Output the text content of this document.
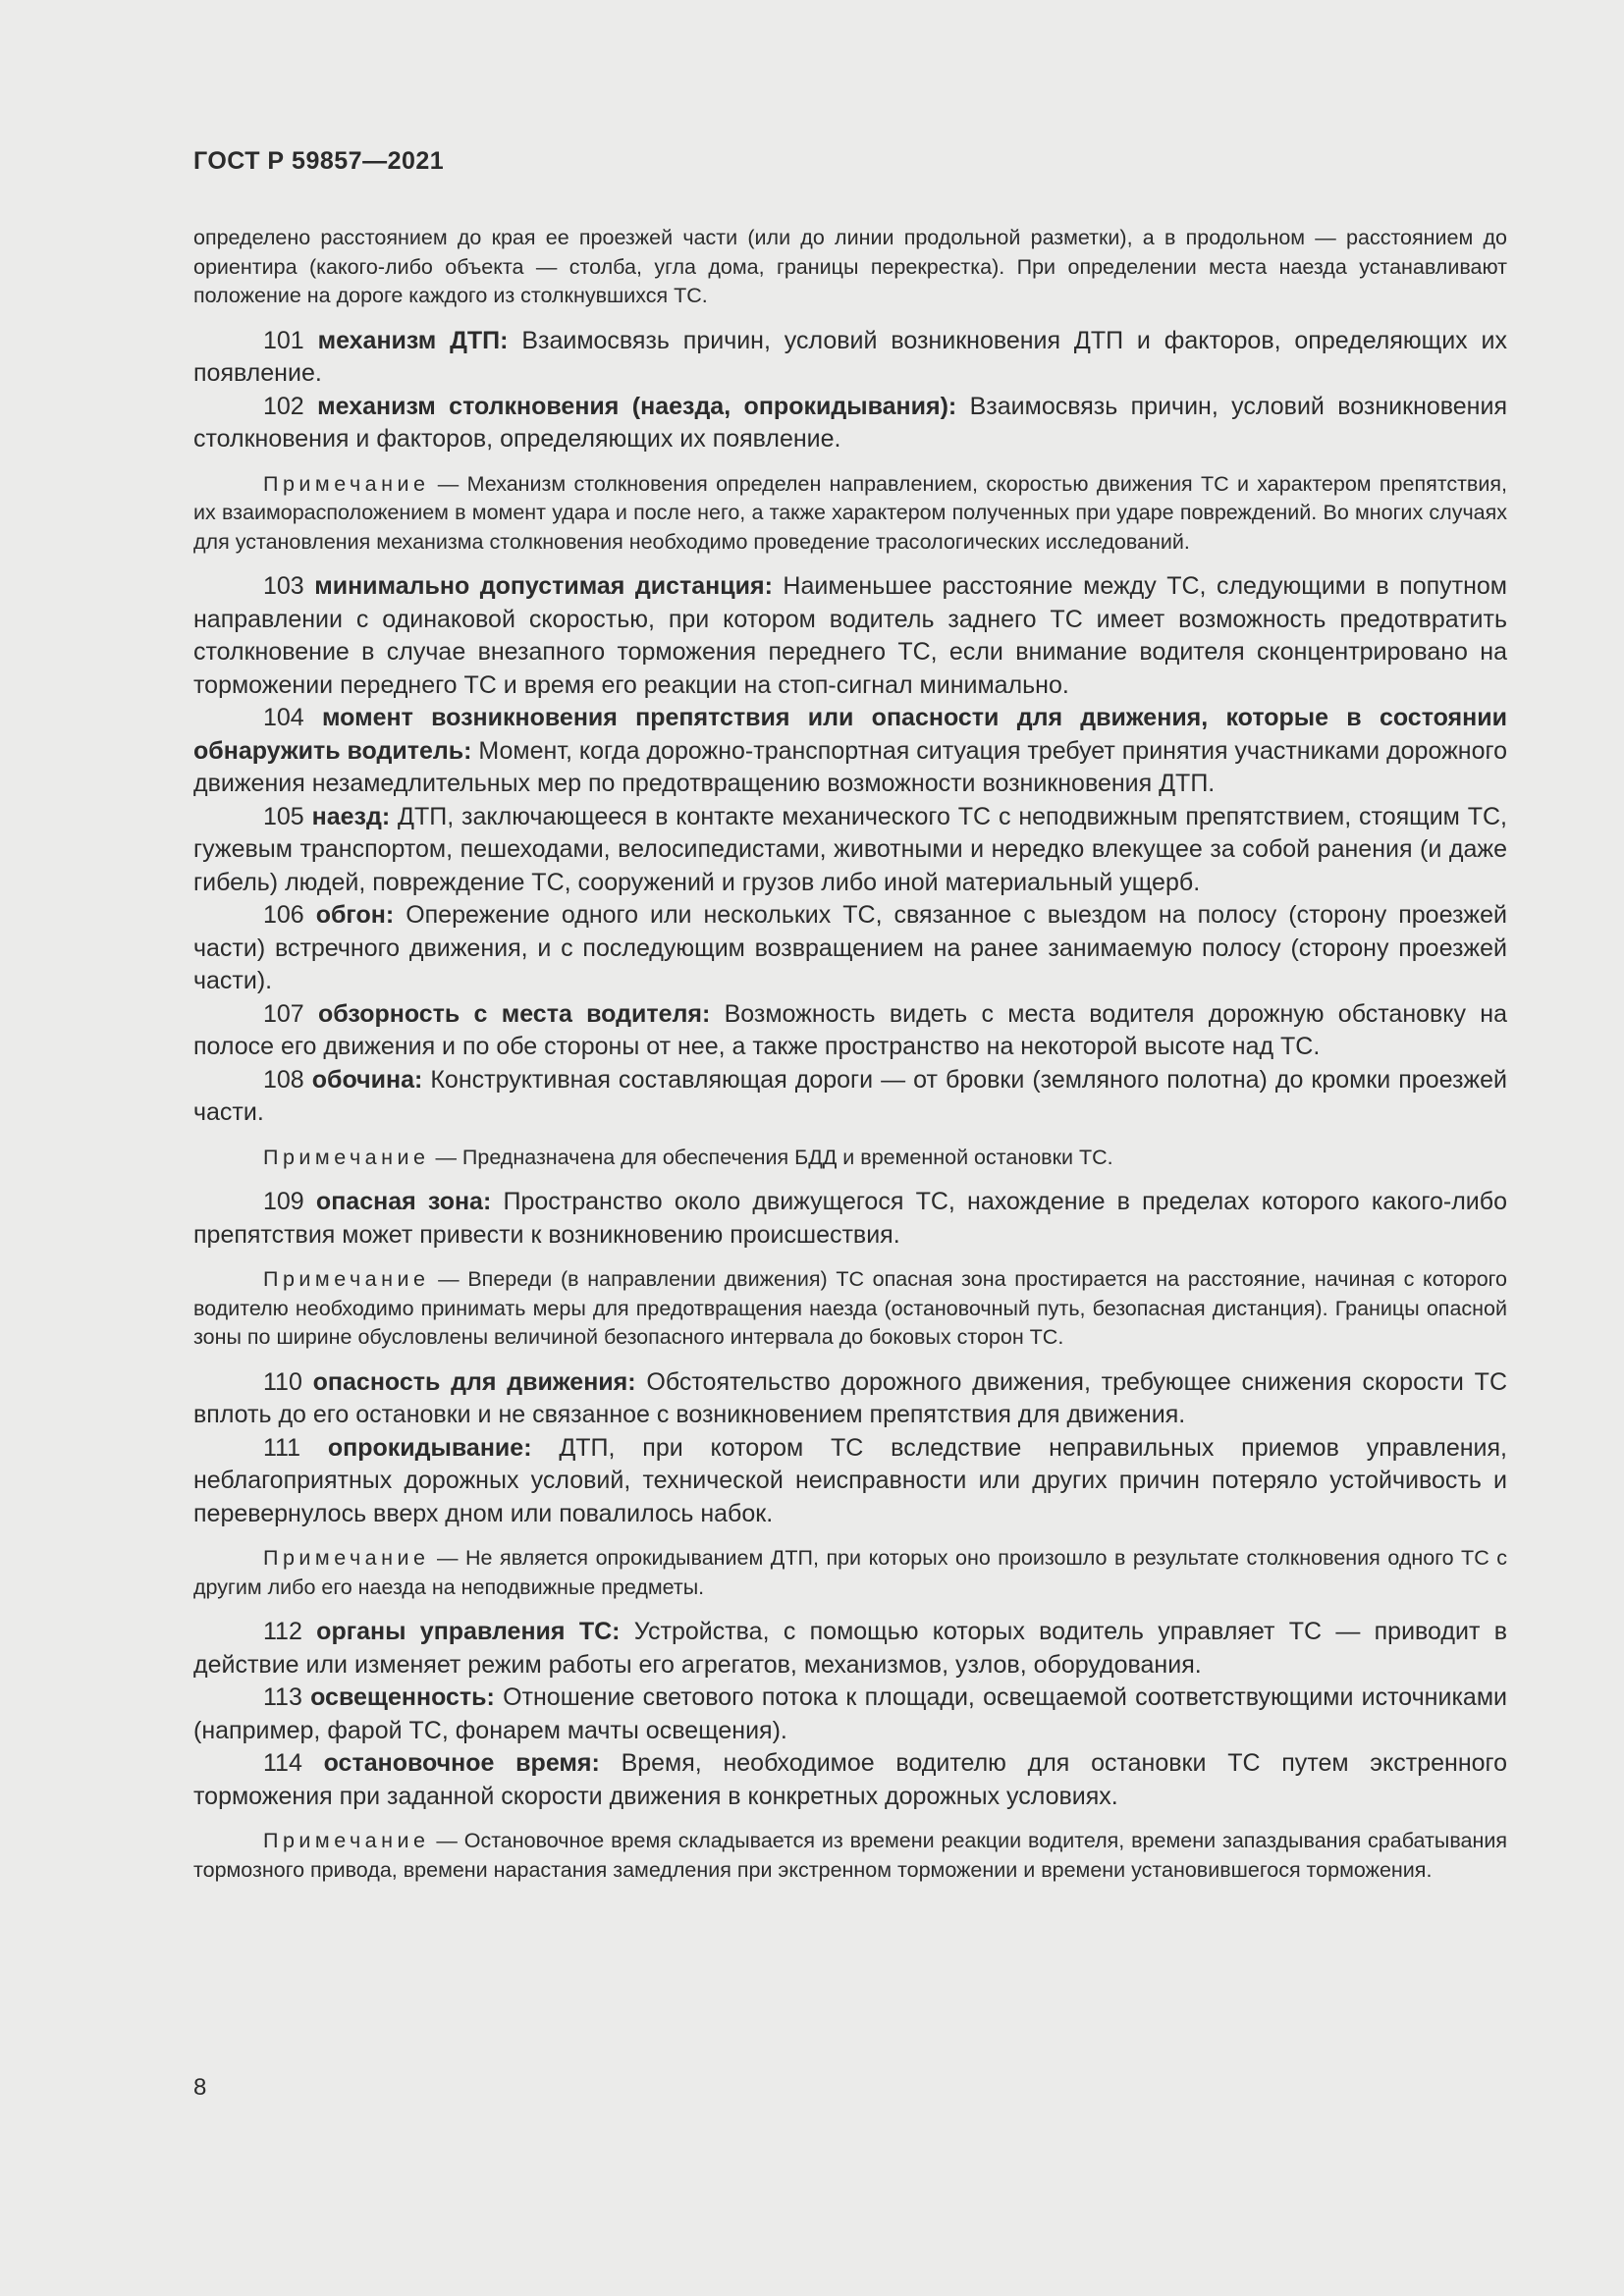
ГОСТ Р 59857—2021

определено расстоянием до края ее проезжей части (или до линии продольной разметки), а в продольном — расстоянием до ориентира (какого-либо объекта — столба, угла дома, границы перекрестка). При определении места наезда устанавливают положение на дороге каждого из столкнувшихся ТС.

101 механизм ДТП: Взаимосвязь причин, условий возникновения ДТП и факторов, определяющих их появление.

102 механизм столкновения (наезда, опрокидывания): Взаимосвязь причин, условий возникновения столкновения и факторов, определяющих их появление.

Примечание — Механизм столкновения определен направлением, скоростью движения ТС и характером препятствия, их взаиморасположением в момент удара и после него, а также характером полученных при ударе повреждений. Во многих случаях для установления механизма столкновения необходимо проведение трасологических исследований.

103 минимально допустимая дистанция: Наименьшее расстояние между ТС, следующими в попутном направлении с одинаковой скоростью, при котором водитель заднего ТС имеет возможность предотвратить столкновение в случае внезапного торможения переднего ТС, если внимание водителя сконцентрировано на торможении переднего ТС и время его реакции на стоп-сигнал минимально.

104 момент возникновения препятствия или опасности для движения, которые в состоянии обнаружить водитель: Момент, когда дорожно-транспортная ситуация требует принятия участниками дорожного движения незамедлительных мер по предотвращению возможности возникновения ДТП.

105 наезд: ДТП, заключающееся в контакте механического ТС с неподвижным препятствием, стоящим ТС, гужевым транспортом, пешеходами, велосипедистами, животными и нередко влекущее за собой ранения (и даже гибель) людей, повреждение ТС, сооружений и грузов либо иной материальный ущерб.

106 обгон: Опережение одного или нескольких ТС, связанное с выездом на полосу (сторону проезжей части) встречного движения, и с последующим возвращением на ранее занимаемую полосу (сторону проезжей части).

107 обзорность с места водителя: Возможность видеть с места водителя дорожную обстановку на полосе его движения и по обе стороны от нее, а также пространство на некоторой высоте над ТС.

108 обочина: Конструктивная составляющая дороги — от бровки (земляного полотна) до кромки проезжей части.

Примечание — Предназначена для обеспечения БДД и временной остановки ТС.

109 опасная зона: Пространство около движущегося ТС, нахождение в пределах которого какого-либо препятствия может привести к возникновению происшествия.

Примечание — Впереди (в направлении движения) ТС опасная зона простирается на расстояние, начиная с которого водителю необходимо принимать меры для предотвращения наезда (остановочный путь, безопасная дистанция). Границы опасной зоны по ширине обусловлены величиной безопасного интервала до боковых сторон ТС.

110 опасность для движения: Обстоятельство дорожного движения, требующее снижения скорости ТС вплоть до его остановки и не связанное с возникновением препятствия для движения.

111 опрокидывание: ДТП, при котором ТС вследствие неправильных приемов управления, неблагоприятных дорожных условий, технической неисправности или других причин потеряло устойчивость и перевернулось вверх дном или повалилось набок.

Примечание — Не является опрокидыванием ДТП, при которых оно произошло в результате столкновения одного ТС с другим либо его наезда на неподвижные предметы.

112 органы управления ТС: Устройства, с помощью которых водитель управляет ТС — приводит в действие или изменяет режим работы его агрегатов, механизмов, узлов, оборудования.

113 освещенность: Отношение светового потока к площади, освещаемой соответствующими источниками (например, фарой ТС, фонарем мачты освещения).

114 остановочное время: Время, необходимое водителю для остановки ТС путем экстренного торможения при заданной скорости движения в конкретных дорожных условиях.

Примечание — Остановочное время складывается из времени реакции водителя, времени запаздывания срабатывания тормозного привода, времени нарастания замедления при экстренном торможении и времени установившегося торможения.

8
